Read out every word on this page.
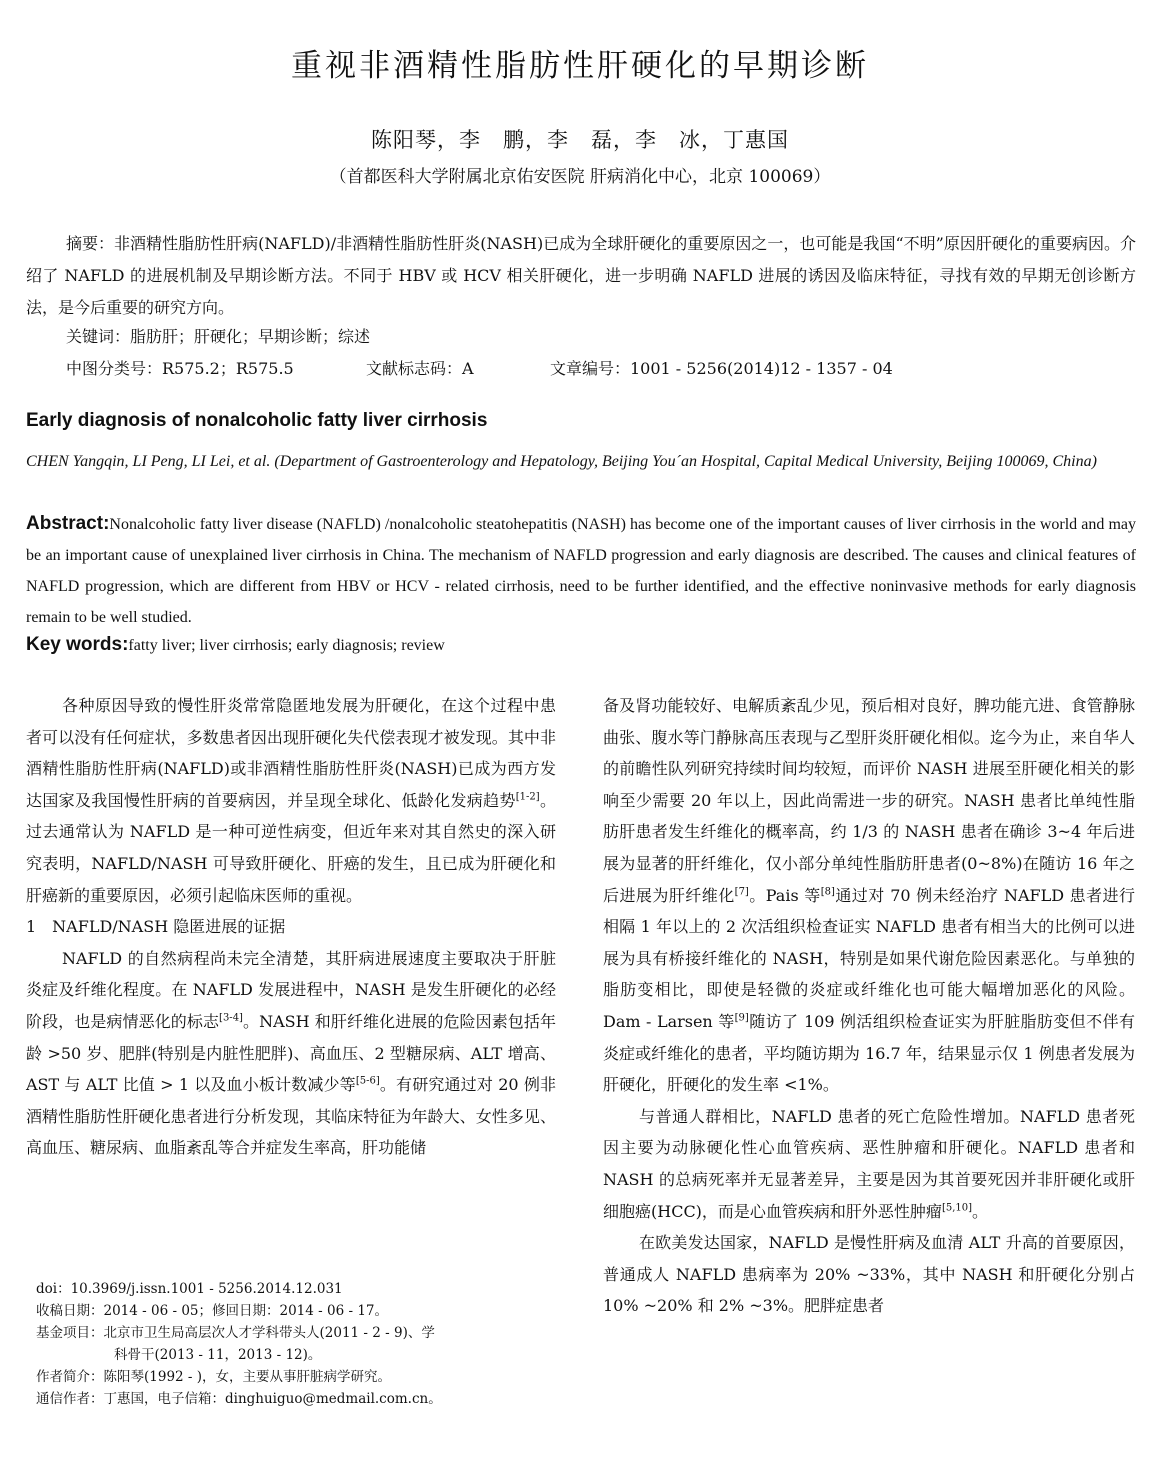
重视非酒精性脂肪性肝硬化的早期诊断
陈阳琴，李　鹏，李　磊，李　冰，丁惠国
（首都医科大学附属北京佑安医院 肝病消化中心，北京 100069）
摘要：非酒精性脂肪性肝病(NAFLD)/非酒精性脂肪性肝炎(NASH)已成为全球肝硬化的重要原因之一，也可能是我国“不明”原因肝硬化的重要病因。介绍了 NAFLD 的进展机制及早期诊断方法。不同于 HBV 或 HCV 相关肝硬化，进一步明确 NAFLD 进展的诱因及临床特征，寻找有效的早期无创诊断方法，是今后重要的研究方向。
关键词：脂肪肝；肝硬化；早期诊断；综述
中图分类号：R575.2；R575.5	文献标志码：A	文章编号：1001 - 5256(2014)12 - 1357 - 04
Early diagnosis of nonalcoholic fatty liver cirrhosis
CHEN Yangqin, LI Peng, LI Lei, et al. (Department of Gastroenterology and Hepatology, Beijing You´an Hospital, Capital Medical University, Beijing 100069, China)
Abstract:Nonalcoholic fatty liver disease (NAFLD) /nonalcoholic steatohepatitis (NASH) has become one of the important causes of liver cirrhosis in the world and may be an important cause of unexplained liver cirrhosis in China. The mechanism of NAFLD progression and early diagnosis are described. The causes and clinical features of NAFLD progression, which are different from HBV or HCV - related cirrhosis, need to be further identified, and the effective noninvasive methods for early diagnosis remain to be well studied.
Key words:fatty liver; liver cirrhosis; early diagnosis; review

各种原因导致的慢性肝炎常常隐匿地发展为肝硬化，在这个过程中患者可以没有任何症状，多数患者因出现肝硬化失代偿表现才被发现。其中非酒精性脂肪性肝病(NAFLD)或非酒精性脂肪性肝炎(NASH)已成为西方发达国家及我国慢性肝病的首要病因，并呈现全球化、低龄化发病趋势[1-2]。过去通常认为 NAFLD 是一种可逆性病变，但近年来对其自然史的深入研究表明，NAFLD/NASH 可导致肝硬化、肝癌的发生，且已成为肝硬化和肝癌新的重要原因，必须引起临床医师的重视。

1　NAFLD/NASH 隐匿进展的证据

NAFLD 的自然病程尚未完全清楚，其肝病进展速度主要取决于肝脏炎症及纤维化程度。在 NAFLD 发展进程中，NASH 是发生肝硬化的必经阶段，也是病情恶化的标志[3-4]。NASH 和肝纤维化进展的危险因素包括年龄 >50 岁、肥胖(特别是内脏性肥胖)、高血压、2 型糖尿病、ALT 增高、AST 与 ALT 比值 > 1 以及血小板计数减少等[5-6]。有研究通过对 20 例非酒精性脂肪性肝硬化患者进行分析发现，其临床特征为年龄大、女性多见、高血压、糖尿病、血脂紊乱等合并症发生率高，肝功能储

doi：10.3969/j.issn.1001 - 5256.2014.12.031
收稿日期：2014 - 06 - 05；修回日期：2014 - 06 - 17。
基金项目：北京市卫生局高层次人才学科带头人(2011 - 2 - 9)、学
科骨干(2013 - 11，2013 - 12)。
作者简介：陈阳琴(1992 - )，女，主要从事肝脏病学研究。
通信作者：丁惠国，电子信箱：dinghuiguo@medmail.com.cn。

备及肾功能较好、电解质紊乱少见，预后相对良好，脾功能亢进、食管静脉曲张、腹水等门静脉高压表现与乙型肝炎肝硬化相似。迄今为止，来自华人的前瞻性队列研究持续时间均较短，而评价 NASH 进展至肝硬化相关的影响至少需要 20 年以上，因此尚需进一步的研究。NASH 患者比单纯性脂肪肝患者发生纤维化的概率高，约 1/3 的 NASH 患者在确诊 3~4 年后进展为显著的肝纤维化，仅小部分单纯性脂肪肝患者(0~8%)在随访 16 年之后进展为肝纤维化[7]。Pais 等[8]通过对 70 例未经治疗 NAFLD 患者进行相隔 1 年以上的 2 次活组织检查证实 NAFLD 患者有相当大的比例可以进展为具有桥接纤维化的 NASH，特别是如果代谢危险因素恶化。与单独的脂肪变相比，即使是轻微的炎症或纤维化也可能大幅增加恶化的风险。Dam - Larsen 等[9]随访了 109 例活组织检查证实为肝脏脂肪变但不伴有炎症或纤维化的患者，平均随访期为 16.7 年，结果显示仅 1 例患者发展为肝硬化，肝硬化的发生率 <1%。

与普通人群相比，NAFLD 患者的死亡危险性增加。NAFLD 患者死因主要为动脉硬化性心血管疾病、恶性肿瘤和肝硬化。NAFLD 患者和 NASH 的总病死率并无显著差异，主要是因为其首要死因并非肝硬化或肝细胞癌(HCC)，而是心血管疾病和肝外恶性肿瘤[5,10]。

在欧美发达国家，NAFLD 是慢性肝病及血清 ALT 升高的首要原因，普通成人 NAFLD 患病率为 20% ~33%，其中 NASH 和肝硬化分别占 10% ~20% 和 2% ~3%。肥胖症患者
